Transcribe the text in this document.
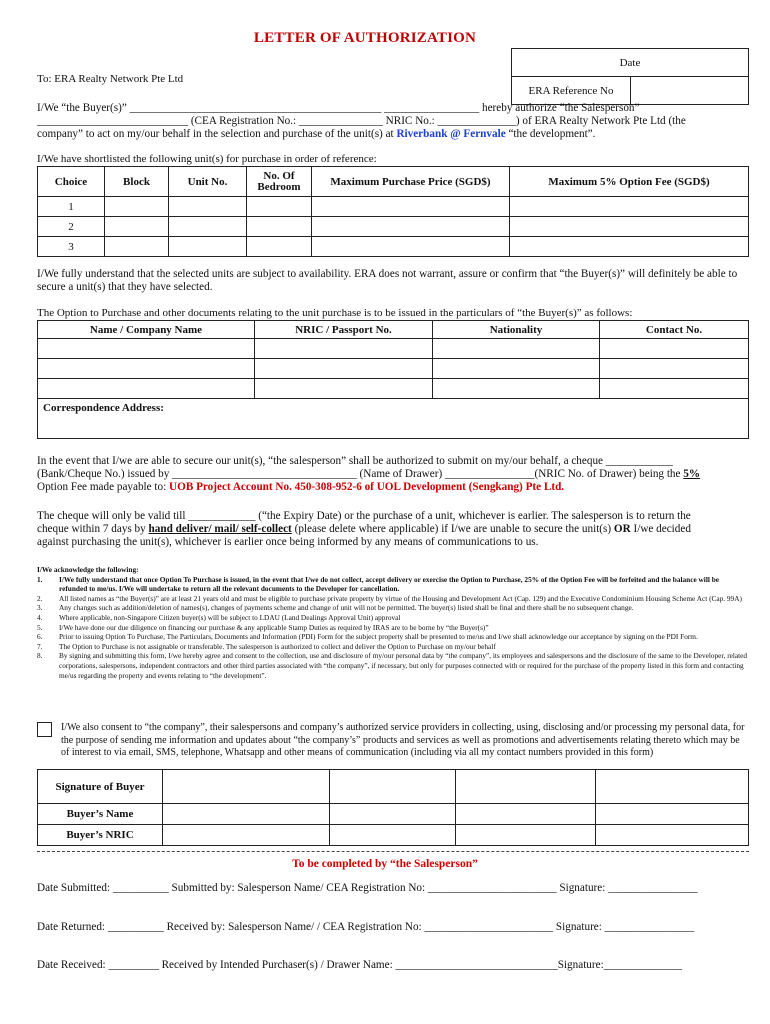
LETTER OF AUTHORIZATION
Date
ERA Reference No	
To: ERA Realty Network Pte Ltd
I/We “the Buyer(s)” _____________________________________________ _________________ hereby authorize “the Salesperson”
___________________________ (CEA Registration No.: _______________ NRIC No.: ______________) of ERA Realty Network Pte Ltd (the
company” to act on my/our behalf in the selection and purchase of the unit(s) at Riverbank @ Fernvale “the development”.
I/We have shortlisted the following unit(s) for purchase in order of reference:
Choice	Block	Unit No.	No. Of Bedroom	Maximum Purchase Price (SGD$)	Maximum 5% Option Fee (SGD$)
1					
2					
3					
I/We fully understand that the selected units are subject to availability. ERA does not warrant, assure or confirm that “the Buyer(s)” will definitely be able to secure a unit(s) that they have selected.
The Option to Purchase and other documents relating to the unit purchase is to be issued in the particulars of “the Buyer(s)” as follows:
Name / Company Name	NRIC / Passport No.	Nationality	Contact No.

Correspondence Address:			
In the event that I/we are able to secure our unit(s), “the salesperson” shall be authorized to submit on my/our behalf, a cheque ____________
(Bank/Cheque No.) issued by _________________________________ (Name of Drawer) ________________(NRIC No. of Drawer) being the 5%
Option Fee made payable to: UOB Project Account No. 450-308-952-6 of UOL Development (Sengkang) Pte Ltd.
The cheque will only be valid till ____________ (“the Expiry Date) or the purchase of a unit, whichever is earlier. The salesperson is to return the
cheque within 7 days by hand deliver/ mail/ self-collect (please delete where applicable) if I/we are unable to secure the unit(s) OR I/we decided
against purchasing the unit(s), whichever is earlier once being informed by any means of communications to us.
I/We acknowledge the following:
1.	I/We fully understand that once Option To Purchase is issued, in the event that I/we do not collect, accept delivery or exercise the Option to Purchase, 25% of the Option Fee will be forfeited and the balance will be refunded to me/us. I/We will undertake to return all the relevant documents to the Developer for cancellation.
2.	All listed names as “the Buyer(s)” are at least 21 years old and must be eligible to purchase private property by virtue of the Housing and Development Act (Cap. 129) and the Executive Condominium Housing Scheme Act (Cap. 99A)
3.	Any changes such as addition/deletion of names(s), changes of payments scheme and change of unit will not be permitted. The buyer(s) listed shall be final and there shall be no subsequent change.
4.	Where applicable, non-Singapore Citizen buyer(s) will be subject to LDAU (Land Dealings Approval Unit) approval
5.	I/We have done our due diligence on financing our purchase & any applicable Stamp Duties as required by IRAS are to be borne by “the Buyer(s)”
6.	Prior to issuing Option To Purchase, The Particulars, Documents and Information (PDI) Form for the subject property shall be presented to me/us and I/we shall acknowledge our acceptance by signing on the PDI Form.
7.	The Option to Purchase is not assignable or transferable. The salesperson is authorized to collect and deliver the Option to Purchase on my/our behalf
8.	By signing and submitting this form, I/we hereby agree and consent to the collection, use and disclosure of my/our personal data by “the company”, its employees and salespersons and the disclosure of the same to the Developer, related corporations, salespersons, independent contractors and other third parties associated with “the company”, if necessary, but only for purposes connected with or required for the purchase of the property listed in this form and contacting me/us regarding the property and events relating to “the development”.
I/We also consent to “the company”, their salespersons and company’s authorized service providers in collecting, using, disclosing and/or processing my personal data, for the purpose of sending me information and updates about “the company’s” products and services as well as promotions and advertisements relating thereto which may be of interest to via email, SMS, telephone, Whatsapp and other means of communication (including via all my contact numbers provided in this form)
Signature of Buyer				
Buyer’s Name				
Buyer’s NRIC				
To be completed by “the Salesperson”
Date Submitted: __________ Submitted by: Salesperson Name/ CEA Registration No: _______________________ Signature: ________________
Date Returned: __________ Received by: Salesperson Name/ / CEA Registration No: _______________________ Signature: ________________
Date Received: _________ Received by Intended Purchaser(s) / Drawer Name: _____________________________Signature:______________
